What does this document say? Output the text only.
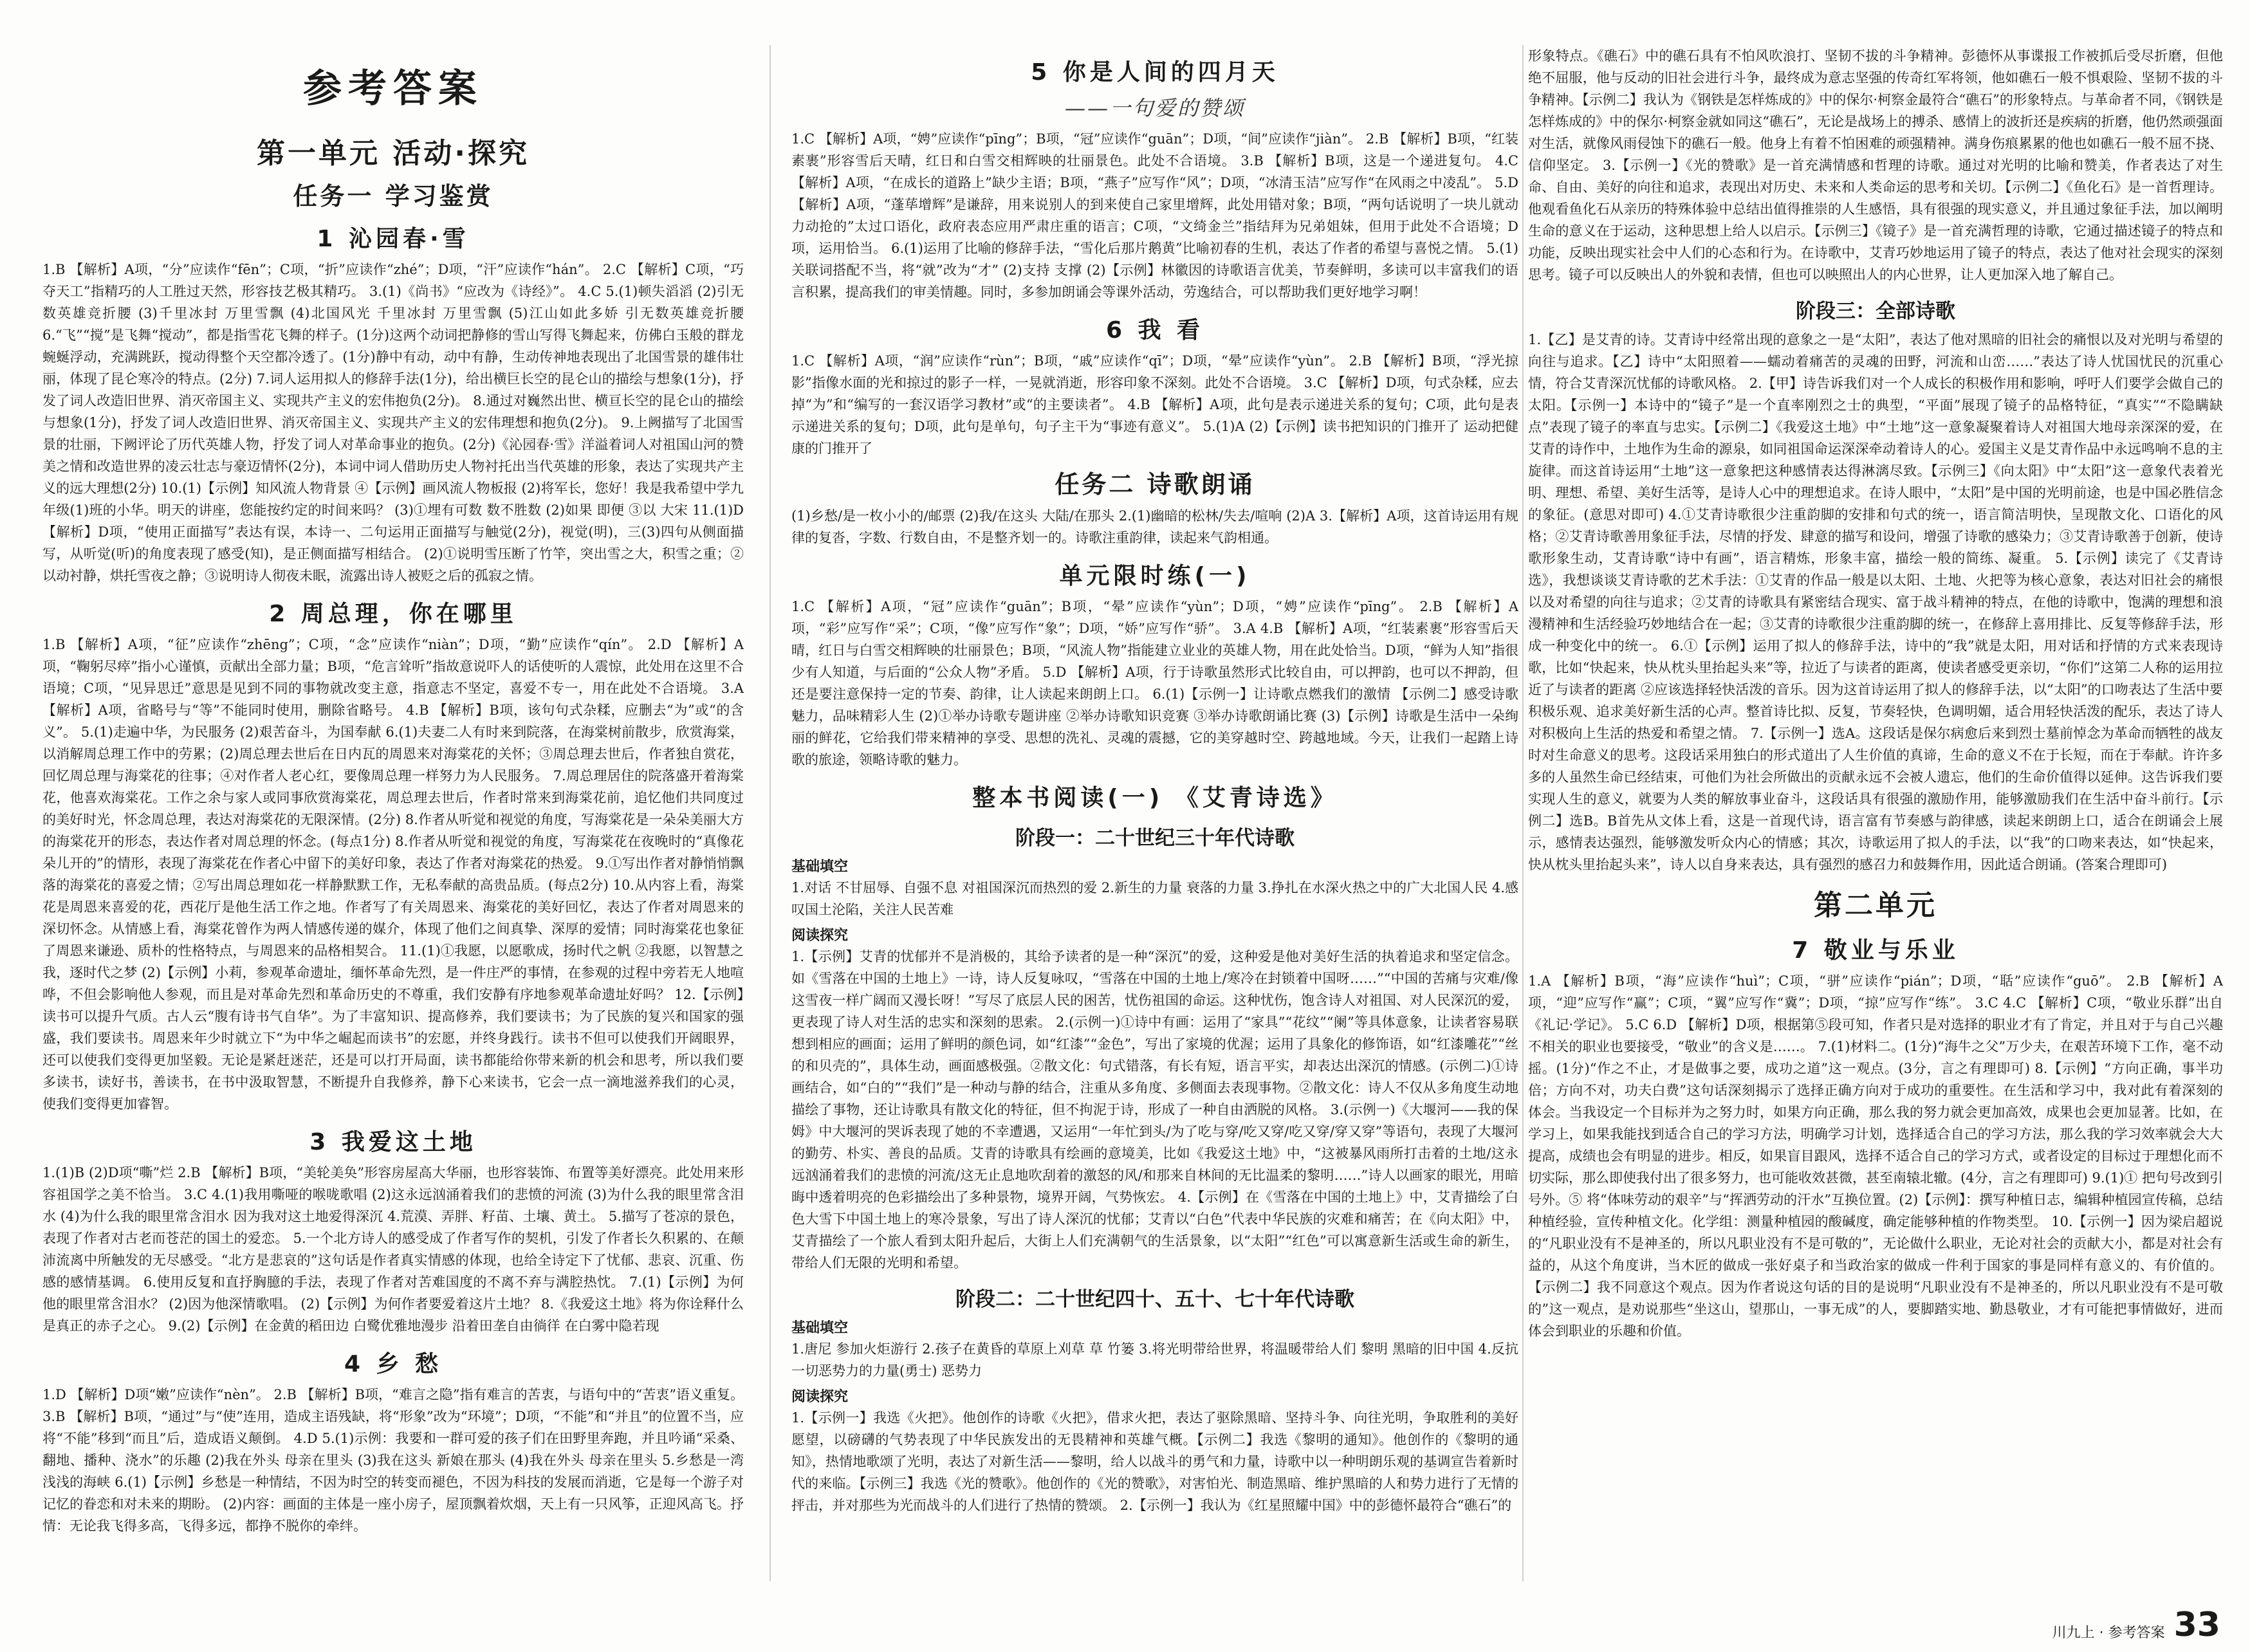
参考答案
第一单元 活动·探究
任务一 学习鉴赏
1 沁园春·雪

1.B 【解析】A项，“分”应读作“fēn”；C项，“折”应读作“zhé”；D项，“汗”应读作“hán”。 2.C 【解析】C项，“巧夺天工”指精巧的人工胜过天然，形容技艺极其精巧。 3.(1)《尚书》“应改为《诗经》”。 4.C 5.(1)顿失滔滔 (2)引无数英雄竞折腰 (3)千里冰封 万里雪飘 (4)北国风光 千里冰封 万里雪飘 (5)江山如此多娇 引无数英雄竞折腰 6.“飞”“搅”是飞舞“搅动”，都是指雪花飞舞的样子。(1分)这两个动词把静修的雪山写得飞舞起来，仿佛白玉般的群龙蜿蜒浮动，充满跳跃，搅动得整个天空都冷透了。(1分)静中有动，动中有静，生动传神地表现出了北国雪景的雄伟壮丽，体现了昆仑寒冷的特点。(2分) 7.词人运用拟人的修辞手法(1分)，给出横巨长空的昆仑山的描绘与想象(1分)，抒发了词人改造旧世界、消灭帝国主义、实现共产主义的宏伟抱负(2分)。 8.通过对巍然出世、横亘长空的昆仑山的描绘与想象(1分)，抒发了词人改造旧世界、消灭帝国主义、实现共产主义的宏伟理想和抱负(2分)。 9.上阙描写了北国雪景的壮丽，下阙评论了历代英雄人物，抒发了词人对革命事业的抱负。(2分)《沁园春·雪》洋溢着词人对祖国山河的赞美之情和改造世界的凌云壮志与豪迈情怀(2分)，本词中词人借助历史人物衬托出当代英雄的形象，表达了实现共产主义的远大理想(2分) 10.(1)【示例】知风流人物背景 ④【示例】画风流人物板报 (2)将军长，您好！我是我希望中学九年级(1)班的小华。明天的讲座，您能按约定的时间来吗？ (3)①埋有可数 数不胜数 (2)如果 即便 ③以 大宋 11.(1)D 【解析】D项，“使用正面描写”表达有误，本诗一、二句运用正面描写与触觉(2分)，视觉(明)，三(3)四句从侧面描写，从听觉(听)的角度表现了感受(知)，是正侧面描写相结合。 (2)①说明雪压断了竹竿，突出雪之大，积雪之重；②以动衬静，烘托雪夜之静；③说明诗人彻夜未眠，流露出诗人被贬之后的孤寂之情。

2 周总理，你在哪里

1.B 【解析】A项，“征”应读作“zhēng”；C项，“念”应读作“niàn”；D项，“勤”应读作“qín”。 2.D 【解析】A项，“鞠躬尽瘁”指小心谨慎，贡献出全部力量；B项，“危言耸听”指故意说吓人的话使听的人震惊，此处用在这里不合语境；C项，“见异思迁”意思是见到不同的事物就改变主意，指意志不坚定，喜爱不专一，用在此处不合语境。 3.A 【解析】A项，省略号与“等”不能同时使用，删除省略号。 4.B 【解析】B项，该句句式杂糅，应删去“为”或“的含义”。 5.(1)走遍中华，为民服务 (2)艰苦奋斗，为国奉献 6.(1)夫妻二人有时来到院落，在海棠树前散步，欣赏海棠，以消解周总理工作中的劳累；(2)周总理去世后在日内瓦的周恩来对海棠花的关怀；③周总理去世后，作者独自赏花，回忆周总理与海棠花的往事；④对作者人老心红，要像周总理一样努力为人民服务。 7.周总理居住的院落盛开着海棠花，他喜欢海棠花。工作之余与家人或同事欣赏海棠花，周总理去世后，作者时常来到海棠花前，追忆他们共同度过的美好时光，怀念周总理，表达对海棠花的无限深情。(2分) 8.作者从听觉和视觉的角度，写海棠花是一朵朵美丽大方的海棠花开的形态，表达作者对周总理的怀念。(每点1分) 8.作者从听觉和视觉的角度，写海棠花在夜晚时的“真像花朵儿开的”的情形，表现了海棠花在作者心中留下的美好印象，表达了作者对海棠花的热爱。 9.①写出作者对静悄悄飘落的海棠花的喜爱之情；②写出周总理如花一样静默默工作，无私奉献的高贵品质。(每点2分) 10.从内容上看，海棠花是周恩来喜爱的花，西花厅是他生活工作之地。作者写了有关周恩来、海棠花的美好回忆，表达了作者对周恩来的深切怀念。从情感上看，海棠花曾作为两人情感传递的媒介，体现了他们之间真挚、深厚的爱情；同时海棠花也象征了周恩来谦逊、质朴的性格特点，与周恩来的品格相契合。 11.(1)①我愿，以愿歌成，扬时代之帆 ②我愿，以智慧之我，逐时代之梦 (2)【示例】小莉，参观革命遗址，缅怀革命先烈，是一件庄严的事情，在参观的过程中旁若无人地喧哗，不但会影响他人参观，而且是对革命先烈和革命历史的不尊重，我们安静有序地参观革命遗址好吗？ 12.【示例】读书可以提升气质。古人云“腹有诗书气自华”。为了丰富知识、提高修养，我们要读书；为了民族的复兴和国家的强盛，我们要读书。周恩来年少时就立下“为中华之崛起而读书”的宏愿，并终身践行。读书不但可以使我们开阔眼界，还可以使我们变得更加坚毅。无论是紧赶迷茫，还是可以打开局面，读书都能给你带来新的机会和思考，所以我们要多读书，读好书，善读书，在书中汲取智慧，不断提升自我修养，静下心来读书，它会一点一滴地滋养我们的心灵，使我们变得更加睿智。

3 我爱这土地

1.(1)B (2)D项“嘶”烂 2.B 【解析】B项，“美轮美奂”形容房屋高大华丽，也形容装饰、布置等美好漂亮。此处用来形容祖国学之美不恰当。 3.C 4.(1)我用嘶哑的喉咙歌唱 (2)这永远汹涌着我们的悲愤的河流 (3)为什么我的眼里常含泪水 (4)为什么我的眼里常含泪水 因为我对这土地爱得深沉 4.荒漠、弄胖、籽苗、土壤、黄土。 5.描写了苍凉的景色，表现了作者对古老而苍茫的国土的爱恋。 5.一个北方诗人的感受成了作者写作的契机，引发了作者长久积累的、在颠沛流离中所触发的无尽感受。“北方是悲哀的”这句话是作者真实情感的体现，也给全诗定下了忧郁、悲哀、沉重、伤感的感情基调。 6.使用反复和直抒胸臆的手法，表现了作者对苦难国度的不离不弃与满腔热忱。 7.(1)【示例】为何他的眼里常含泪水？ (2)因为他深情歌唱。 (2)【示例】为何作者要爱着这片土地？ 8.《我爱这土地》将为你诠释什么是真正的赤子之心。 9.(2)【示例】在金黄的稻田边 白鹭优雅地漫步 沿着田垄自由徜徉 在白雾中隐若现

4 乡 愁

1.D 【解析】D项“嫩”应读作“nèn”。 2.B 【解析】B项，“难言之隐”指有难言的苦衷，与语句中的“苦衷”语义重复。 3.B 【解析】B项，“通过”与“使”连用，造成主语残缺，将“形象”改为“环境”；D项，“不能”和“并且”的位置不当，应将“不能”移到“而且”后，造成语义颠倒。 4.D 5.(1)示例：我要和一群可爱的孩子们在田野里奔跑，并且吟诵“采桑、翻地、播种、浇水”的乐趣 (2)我在外头 母亲在里头 (3)我在这头 新娘在那头 (4)我在外头 母亲在里头 5.乡愁是一湾浅浅的海峡 6.(1)【示例】乡愁是一种情结，不因为时空的转变而褪色，不因为科技的发展而消逝，它是每一个游子对记忆的眷恋和对未来的期盼。 (2)内容：画面的主体是一座小房子，屋顶飘着炊烟，天上有一只风筝，正迎风高飞。抒情：无论我飞得多高，飞得多远，都挣不脱你的牵绊。

5 你是人间的四月天
——一句爱的赞颂

1.C 【解析】A项，“娉”应读作“pīng”；B项，“冠”应读作“guān”；D项，“间”应读作“jiàn”。 2.B 【解析】B项，“红装素裹”形容雪后天晴，红日和白雪交相辉映的壮丽景色。此处不合语境。 3.B 【解析】B项，这是一个递进复句。 4.C 【解析】A项，“在成长的道路上”缺少主语；B项，“燕子”应写作“风”；D项，“冰清玉洁”应写作“在风雨之中凌乱”。 5.D 【解析】A项，“蓬荜增辉”是谦辞，用来说别人的到来使自己家里增辉，此处用错对象；B项，“两句话说明了一块儿就动力动抢的”太过口语化，政府表态应用严肃庄重的语言；C项，“文绮金兰”指结拜为兄弟姐妹，但用于此处不合语境；D项，运用恰当。 6.(1)运用了比喻的修辞手法，“雪化后那片鹅黄”比喻初春的生机，表达了作者的希望与喜悦之情。 5.(1)关联词搭配不当，将“就”改为“才” (2)支持 支撑 (2)【示例】林徽因的诗歌语言优美，节奏鲜明，多读可以丰富我们的语言积累，提高我们的审美情趣。同时，多参加朗诵会等课外活动，劳逸结合，可以帮助我们更好地学习啊！

6 我 看

1.C 【解析】A项，“润”应读作“rùn”；B项，“戚”应读作“qī”；D项，“晕”应读作“yùn”。 2.B 【解析】B项，“浮光掠影”指像水面的光和掠过的影子一样，一晃就消逝，形容印象不深刻。此处不合语境。 3.C 【解析】D项，句式杂糅，应去掉“为”和“编写的一套汉语学习教材”或“的主要读者”。 4.B 【解析】A项，此句是表示递进关系的复句；C项，此句是表示递进关系的复句；D项，此句是单句，句子主干为“事迹有意义”。 5.(1)A (2)【示例】读书把知识的门推开了 运动把健康的门推开了

任务二 诗歌朗诵

(1)乡愁/是一枚小小的/邮票 (2)我/在这头 大陆/在那头 2.(1)幽暗的松林/失去/喧响 (2)A 3.【解析】A项，这首诗运用有规律的复沓，字数、行数自由，不是整齐划一的。诗歌注重韵律，读起来气韵相通。

单元限时练(一)

1.C 【解析】A项，“冠”应读作“guān”；B项，“晕”应读作“yùn”；D项，“娉”应读作“pīng”。 2.B 【解析】A项，“彩”应写作“采”；C项，“像”应写作“象”；D项，“娇”应写作“骄”。 3.A 4.B 【解析】A项，“红装素裹”形容雪后天晴，红日与白雪交相辉映的壮丽景色；B项，“风流人物”指能建立业业的英雄人物，用在此处恰当。D项，“鲜为人知”指很少有人知道，与后面的“公众人物”矛盾。 5.D 【解析】A项，行于诗歌虽然形式比较自由，可以押韵，也可以不押韵，但还是要注意保持一定的节奏、韵律，让人读起来朗朗上口。 6.(1)【示例一】让诗歌点燃我们的激情 【示例二】感受诗歌魅力，品味精彩人生 (2)①举办诗歌专题讲座 ②举办诗歌知识竞赛 ③举办诗歌朗诵比赛 (3)【示例】诗歌是生活中一朵绚丽的鲜花，它给我们带来精神的享受、思想的洗礼、灵魂的震撼，它的美穿越时空、跨越地域。今天，让我们一起踏上诗歌的旅途，领略诗歌的魅力。

整本书阅读(一) 《艾青诗选》
阶段一：二十世纪三十年代诗歌
基础填空

1.对话 不甘屈辱、自强不息 对祖国深沉而热烈的爱 2.新生的力量 衰落的力量 3.挣扎在水深火热之中的广大北国人民 4.感叹国土沦陷，关注人民苦难

阅读探究

1.【示例】艾青的忧郁并不是消极的，其给予读者的是一种“深沉”的爱，这种爱是他对美好生活的执着追求和坚定信念。如《雪落在中国的土地上》一诗，诗人反复咏叹，“雪落在中国的土地上/寒冷在封锁着中国呀……”“中国的苦痛与灾难/像这雪夜一样广阔而又漫长呀！”写尽了底层人民的困苦，忧伤祖国的命运。这种忧伤，饱含诗人对祖国、对人民深沉的爱，更表现了诗人对生活的忠实和深刻的思索。 2.(示例一)①诗中有画：运用了“家具”“花纹”“阑”等具体意象，让读者容易联想到相应的画面；运用了鲜明的颜色词，如“红漆”“金色”，写出了家境的优渥；运用了具象化的修饰语，如“红漆雕花”“丝的和贝壳的”，具体生动，画面感极强。②散文化：句式错落，有长有短，语言平实，却表达出深沉的情感。(示例二)①诗画结合，如“白的”“我们”是一种动与静的结合，注重从多角度、多侧面去表现事物。②散文化：诗人不仅从多角度生动地描绘了事物，还让诗歌具有散文化的特征，但不拘泥于诗，形成了一种自由洒脱的风格。 3.(示例一)《大堰河——我的保姆》中大堰河的哭诉表现了她的不幸遭遇，又运用“一年忙到头/为了吃与穿/吃又穿/吃又穿/穿又穿”等语句，表现了大堰河的勤劳、朴实、善良的品质。艾青的诗歌具有绘画的意境美，比如《我爱这土地》中，“这被暴风雨所打击着的土地/这永远汹涌着我们的悲愤的河流/这无止息地吹刮着的激怒的风/和那来自林间的无比温柔的黎明……”诗人以画家的眼光，用暗晦中透着明亮的色彩描绘出了多种景物，境界开阔，气势恢宏。 4.【示例】在《雪落在中国的土地上》中，艾青描绘了白色大雪下中国土地上的寒冷景象，写出了诗人深沉的忧郁；艾青以“白色”代表中华民族的灾难和痛苦；在《向太阳》中，艾青描绘了一个旅人看到太阳升起后，大街上人们充满朝气的生活景象，以“太阳”“红色”可以寓意新生活或生命的新生，带给人们无限的光明和希望。

阶段二：二十世纪四十、五十、七十年代诗歌
基础填空

1.唐尼 参加火炬游行 2.孩子在黄昏的草原上刈草 草 竹篓 3.将光明带给世界，将温暖带给人们 黎明 黑暗的旧中国 4.反抗一切恶势力的力量(勇士) 恶势力

阅读探究

1.【示例一】我选《火把》。他创作的诗歌《火把》，借求火把，表达了驱除黑暗、坚持斗争、向往光明，争取胜利的美好愿望，以磅礴的气势表现了中华民族发出的无畏精神和英雄气概。【示例二】我选《黎明的通知》。他创作的《黎明的通知》，热情地歌颂了光明，表达了对新生活——黎明，给人以战斗的勇气和力量，诗歌中以一种明朗乐观的基调宣告着新时代的来临。【示例三】我选《光的赞歌》。他创作的《光的赞歌》，对害怕光、制造黑暗、维护黑暗的人和势力进行了无情的抨击，并对那些为光而战斗的人们进行了热情的赞颂。 2.【示例一】我认为《红星照耀中国》中的彭德怀最符合“礁石”的

形象特点。《礁石》中的礁石具有不怕风吹浪打、坚韧不拔的斗争精神。彭德怀从事谍报工作被抓后受尽折磨，但他绝不屈服，他与反动的旧社会进行斗争，最终成为意志坚强的传奇红军将领，他如礁石一般不惧艰险、坚韧不拔的斗争精神。【示例二】我认为《钢铁是怎样炼成的》中的保尔·柯察金最符合“礁石”的形象特点。与革命者不同，《钢铁是怎样炼成的》中的保尔·柯察金就如同这“礁石”，无论是战场上的搏杀、感情上的波折还是疾病的折磨，他仍然顽强面对生活，就像风雨侵蚀下的礁石一般。他身上有着不怕困难的顽强精神。满身伤痕累累的他也如礁石一般不屈不挠、信仰坚定。 3.【示例一】《光的赞歌》是一首充满情感和哲理的诗歌。通过对光明的比喻和赞美，作者表达了对生命、自由、美好的向往和追求，表现出对历史、未来和人类命运的思考和关切。【示例二】《鱼化石》是一首哲理诗。他观看鱼化石从亲历的特殊体验中总结出值得推崇的人生感悟，具有很强的现实意义，并且通过象征手法，加以阐明生命的意义在于运动，这种思想上给人以启示。【示例三】《镜子》是一首充满哲理的诗歌，它通过描述镜子的特点和功能，反映出现实社会中人们的心态和行为。在诗歌中，艾青巧妙地运用了镜子的特点，表达了他对社会现实的深刻思考。镜子可以反映出人的外貌和表情，但也可以映照出人的内心世界，让人更加深入地了解自己。

阶段三：全部诗歌

1.【乙】是艾青的诗。艾青诗中经常出现的意象之一是“太阳”，表达了他对黑暗的旧社会的痛恨以及对光明与希望的向往与追求。【乙】诗中“太阳照着——蠕动着痛苦的灵魂的田野，河流和山峦……”表达了诗人忧国忧民的沉重心情，符合艾青深沉忧郁的诗歌风格。 2.【甲】诗告诉我们对一个人成长的积极作用和影响，呼吁人们要学会做自己的太阳。【示例一】本诗中的“镜子”是一个直率刚烈之士的典型，“平面”展现了镜子的品格特征，“真实”“不隐瞒缺点”表现了镜子的率直与忠实。【示例二】《我爱这土地》中“土地”这一意象凝聚着诗人对祖国大地母亲深深的爱，在艾青的诗作中，土地作为生命的源泉，如同祖国命运深深牵动着诗人的心。爱国主义是艾青作品中永远鸣响不息的主旋律。而这首诗运用“土地”这一意象把这种感情表达得淋漓尽致。【示例三】《向太阳》中“太阳”这一意象代表着光明、理想、希望、美好生活等，是诗人心中的理想追求。在诗人眼中，“太阳”是中国的光明前途，也是中国必胜信念的象征。(意思对即可) 4.①艾青诗歌很少注重韵脚的安排和句式的统一，语言简洁明快，呈现散文化、口语化的风格；②艾青诗歌善用象征手法，尽情的抒发、肆意的描写和设问，增强了诗歌的感染力；③艾青诗歌善于创新，使诗歌形象生动，艾青诗歌“诗中有画”，语言精炼，形象丰富，描绘一般的简练、凝重。 5.【示例】读完了《艾青诗选》，我想谈谈艾青诗歌的艺术手法：①艾青的作品一般是以太阳、土地、火把等为核心意象，表达对旧社会的痛恨以及对希望的向往与追求；②艾青的诗歌具有紧密结合现实、富于战斗精神的特点，在他的诗歌中，饱满的理想和浪漫精神和生活经验巧妙地结合在一起；③艾青的诗歌很少注重韵脚的统一，在修辞上喜用排比、反复等修辞手法，形成一种变化中的统一。 6.①【示例】运用了拟人的修辞手法，诗中的“我”就是太阳，用对话和抒情的方式来表现诗歌，比如“快起来，快从枕头里抬起头来”等，拉近了与读者的距离，使读者感受更亲切，“你们”这第二人称的运用拉近了与读者的距离 ②应该选择轻快活泼的音乐。因为这首诗运用了拟人的修辞手法，以“太阳”的口吻表达了生活中要积极乐观、追求美好新生活的心声。整首诗比拟、反复，节奏轻快，色调明媚，适合用轻快活泼的配乐，表达了诗人对积极向上生活的热爱和希望之情。 7.【示例一】选A。这段话是保尔病愈后来到烈士墓前悼念为革命而牺牲的战友时对生命意义的思考。这段话采用独白的形式道出了人生价值的真谛，生命的意义不在于长短，而在于奉献。许许多多的人虽然生命已经结束，可他们为社会所做出的贡献永远不会被人遗忘，他们的生命价值得以延伸。这告诉我们要实现人生的意义，就要为人类的解放事业奋斗，这段话具有很强的激励作用，能够激励我们在生活中奋斗前行。【示例二】选B。B首先从文体上看，这是一首现代诗，语言富有节奏感与韵律感，读起来朗朗上口，适合在朗诵会上展示，感情表达强烈，能够激发听众内心的情感；其次，诗歌运用了拟人的手法，以“我”的口吻来表达，如“快起来，快从枕头里抬起头来”，诗人以自身来表达，具有强烈的感召力和鼓舞作用，因此适合朗诵。(答案合理即可)

第二单元
7 敬业与乐业

1.A 【解析】B项，“海”应读作“huì”；C项，“骈”应读作“pián”；D项，“聒”应读作“guō”。 2.B 【解析】A项，“迎”应写作“赢”；C项，“翼”应写作“冀”；D项，“掠”应写作“练”。 3.C 4.C 【解析】C项，“敬业乐群”出自《礼记·学记》。 5.C 6.D 【解析】D项，根据第⑤段可知，作者只是对选择的职业才有了肯定，并且对于与自己兴趣不相关的职业也要接受，“敬业”的含义是……。 7.(1)材料二。(1分)“海牛之父”万少夫，在艰苦环境下工作，毫不动摇。(1分)“作之不止，才是做事之要，成功之道”这一观点。(3分，言之有理即可) 8.【示例】“方向正确，事半功倍；方向不对，功夫白费”这句话深刻揭示了选择正确方向对于成功的重要性。在生活和学习中，我对此有着深刻的体会。当我设定一个目标并为之努力时，如果方向正确，那么我的努力就会更加高效，成果也会更加显著。比如，在学习上，如果我能找到适合自己的学习方法，明确学习计划，选择适合自己的学习方法，那么我的学习效率就会大大提高，成绩也会有明显的进步。相反，如果盲目跟风，选择不适合自己的学习方式，或者设定的目标过于理想化而不切实际，那么即使我付出了很多努力，也可能收效甚微，甚至南辕北辙。(4分，言之有理即可) 9.(1)① 把句号改到引号外。⑤ 将“体味劳动的艰辛”与“挥洒劳动的汗水”互换位置。(2)【示例】：撰写种植日志，编辑种植园宣传稿，总结种植经验，宣传种植文化。化学组：测量种植园的酸碱度，确定能够种植的作物类型。 10.【示例一】因为梁启超说的“凡职业没有不是神圣的，所以凡职业没有不是可敬的”，无论做什么职业，无论对社会的贡献大小，都是对社会有益的，从这个角度讲，当木匠的做成一张好桌子和当政治家的做成一件利于国家的事是同样有意义的、有价值的。【示例二】我不同意这个观点。因为作者说这句话的目的是说明“凡职业没有不是神圣的，所以凡职业没有不是可敬的”这一观点，是劝说那些“坐这山，望那山，一事无成”的人，要脚踏实地、勤恳敬业，才有可能把事情做好，进而体会到职业的乐趣和价值。

川九上 · 参考答案 33
